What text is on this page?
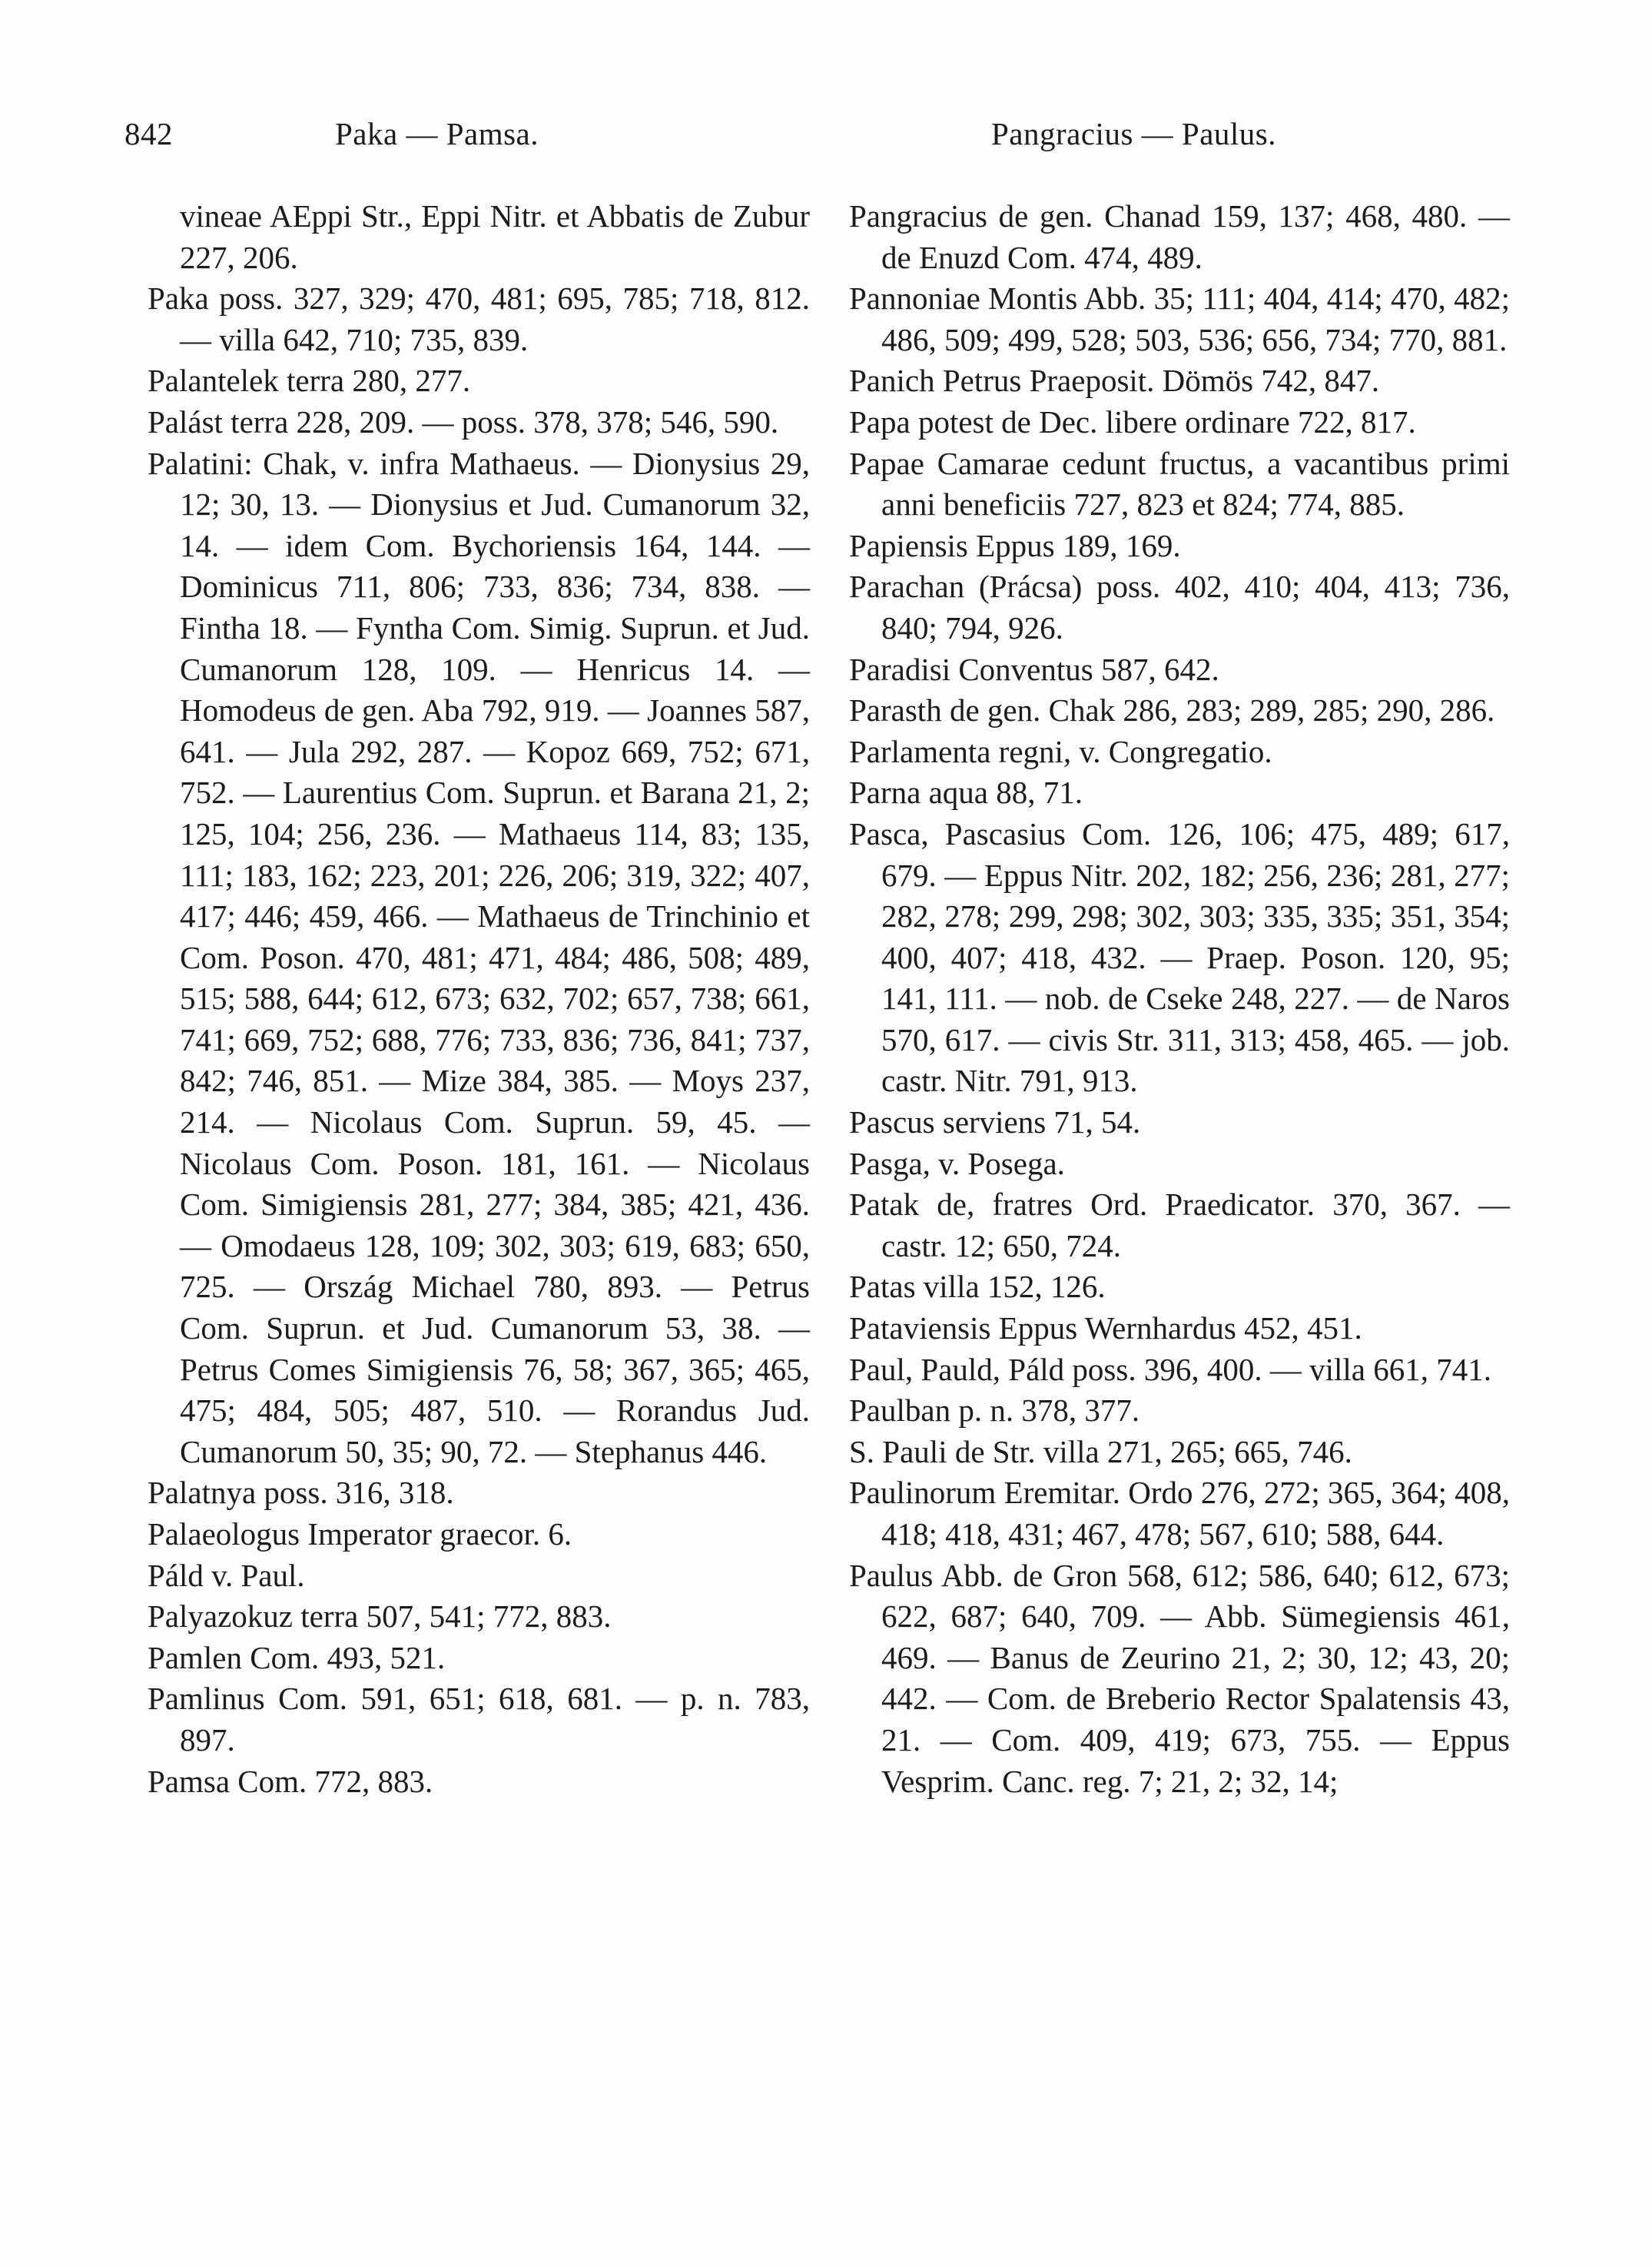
842	Paka — Pamsa.	Pangracius — Paulus.

vineae AEppi Str., Eppi Nitr. et Abbatis de Zubur 227, 206.

Paka poss. 327, 329; 470, 481; 695, 785; 718, 812. — villa 642, 710; 735, 839.

Palantelek terra 280, 277.

Palást terra 228, 209. — poss. 378, 378; 546, 590.

Palatini: Chak, v. infra Mathaeus. — Dionysius 29, 12; 30, 13. — Dionysius et Jud. Cumanorum 32, 14. — idem Com. Bychoriensis 164, 144. — Dominicus 711, 806; 733, 836; 734, 838. — Fintha 18. — Fyntha Com. Simig. Suprun. et Jud. Cumanorum 128, 109. — Henricus 14. — Homodeus de gen. Aba 792, 919. — Joannes 587, 641. — Jula 292, 287. — Kopoz 669, 752; 671, 752. — Laurentius Com. Suprun. et Barana 21, 2; 125, 104; 256, 236. — Mathaeus 114, 83; 135, 111; 183, 162; 223, 201; 226, 206; 319, 322; 407, 417; 446; 459, 466. — Mathaeus de Trinchinio et Com. Poson. 470, 481; 471, 484; 486, 508; 489, 515; 588, 644; 612, 673; 632, 702; 657, 738; 661, 741; 669, 752; 688, 776; 733, 836; 736, 841; 737, 842; 746, 851. — Mize 384, 385. — Moys 237, 214. — Nicolaus Com. Suprun. 59, 45. — Nicolaus Com. Poson. 181, 161. — Nicolaus Com. Simigiensis 281, 277; 384, 385; 421, 436. — Omodaeus 128, 109; 302, 303; 619, 683; 650, 725. — Ország Michael 780, 893. — Petrus Com. Suprun. et Jud. Cumanorum 53, 38. — Petrus Comes Simigiensis 76, 58; 367, 365; 465, 475; 484, 505; 487, 510. — Rorandus Jud. Cumanorum 50, 35; 90, 72. — Stephanus 446.

Palatnya poss. 316, 318.

Palaeologus Imperator graecor. 6.

Páld v. Paul.

Palyazokuz terra 507, 541; 772, 883.

Pamlen Com. 493, 521.

Pamlinus Com. 591, 651; 618, 681. — p. n. 783, 897.

Pamsa Com. 772, 883.

Pangracius de gen. Chanad 159, 137; 468, 480. — de Enuzd Com. 474, 489.

Pannoniae Montis Abb. 35; 111; 404, 414; 470, 482; 486, 509; 499, 528; 503, 536; 656, 734; 770, 881.

Panich Petrus Praeposit. Dömös 742, 847.

Papa potest de Dec. libere ordinare 722, 817.

Papae Camarae cedunt fructus, a vacantibus primi anni beneficiis 727, 823 et 824; 774, 885.

Papiensis Eppus 189, 169.

Parachan (Prácsa) poss. 402, 410; 404, 413; 736, 840; 794, 926.

Paradisi Conventus 587, 642.

Parasth de gen. Chak 286, 283; 289, 285; 290, 286.

Parlamenta regni, v. Congregatio.

Parna aqua 88, 71.

Pasca, Pascasius Com. 126, 106; 475, 489; 617, 679. — Eppus Nitr. 202, 182; 256, 236; 281, 277; 282, 278; 299, 298; 302, 303; 335, 335; 351, 354; 400, 407; 418, 432. — Praep. Poson. 120, 95; 141, 111. — nob. de Cseke 248, 227. — de Naros 570, 617. — civis Str. 311, 313; 458, 465. — job. castr. Nitr. 791, 913.

Pascus serviens 71, 54.

Pasga, v. Posega.

Patak de, fratres Ord. Praedicator. 370, 367. — castr. 12; 650, 724.

Patas villa 152, 126.

Pataviensis Eppus Wernhardus 452, 451.

Paul, Pauld, Páld poss. 396, 400. — villa 661, 741.

Paulban p. n. 378, 377.

S. Pauli de Str. villa 271, 265; 665, 746.

Paulinorum Eremitar. Ordo 276, 272; 365, 364; 408, 418; 418, 431; 467, 478; 567, 610; 588, 644.

Paulus Abb. de Gron 568, 612; 586, 640; 612, 673; 622, 687; 640, 709. — Abb. Sümegiensis 461, 469. — Banus de Zeurino 21, 2; 30, 12; 43, 20; 442. — Com. de Breberio Rector Spalatensis 43, 21. — Com. 409, 419; 673, 755. — Eppus Vesprim. Canc. reg. 7; 21, 2; 32, 14;
